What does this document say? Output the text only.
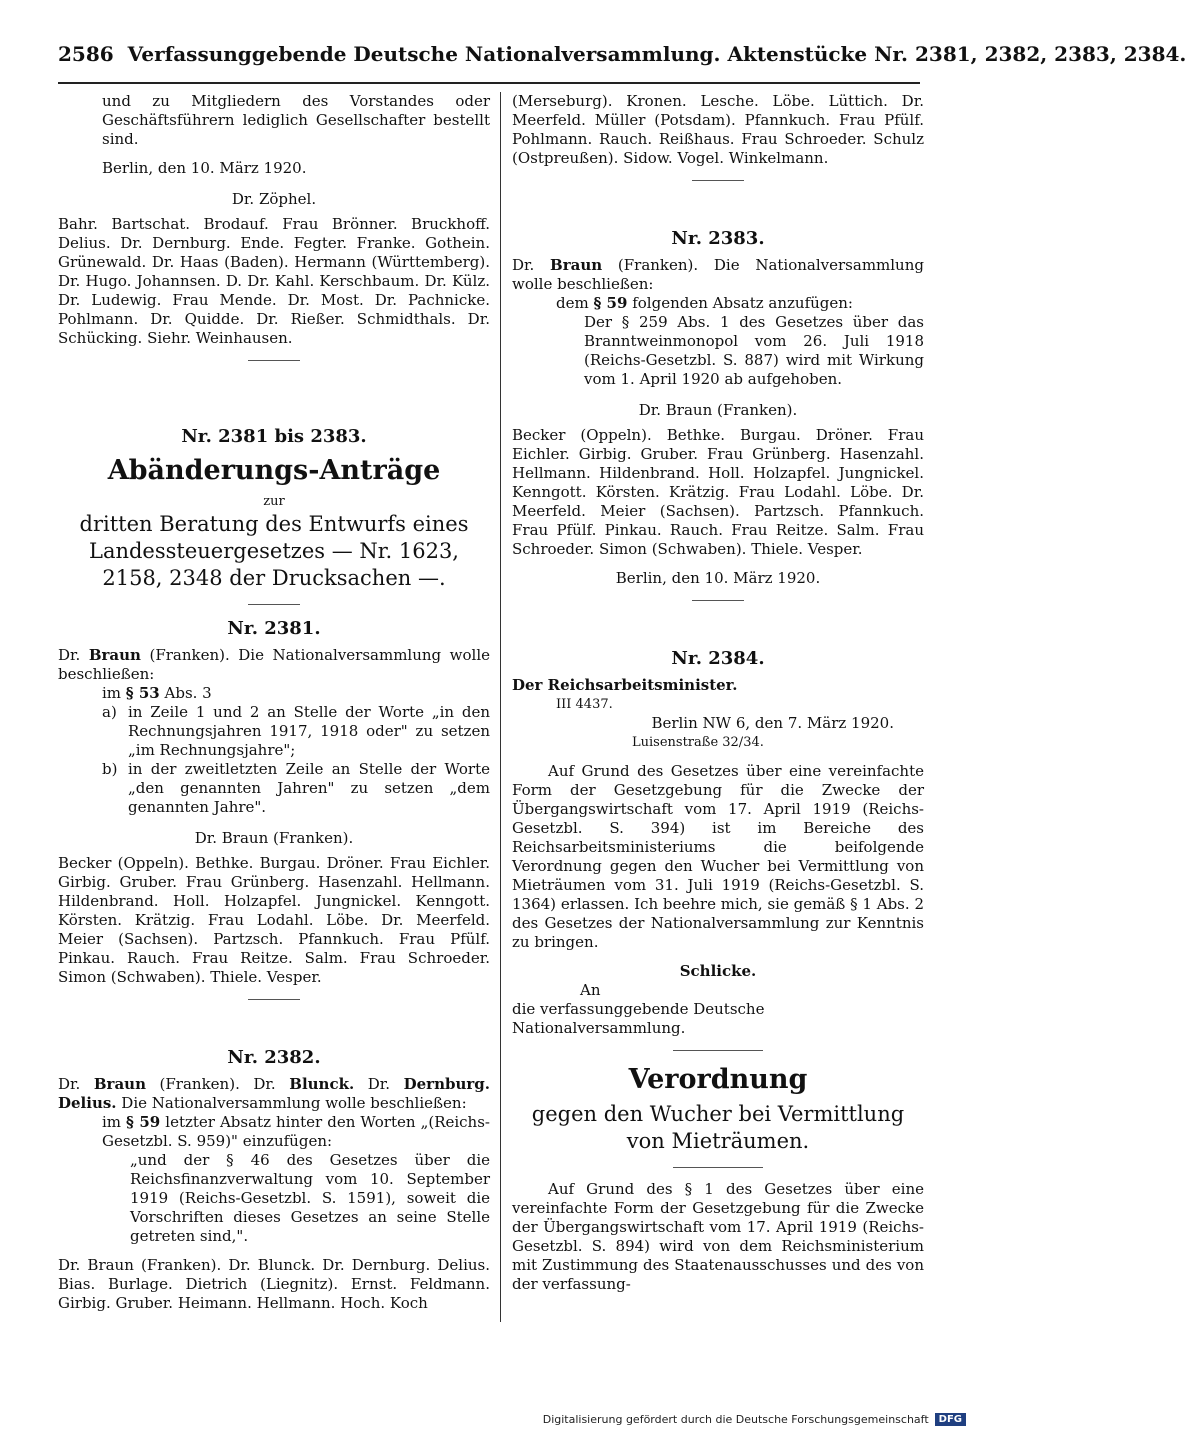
2586 Verfassunggebende Deutsche Nationalversammlung. Aktenstücke Nr. 2381, 2382, 2383, 2384.

und zu Mitgliedern des Vorstandes oder Geschäftsführern lediglich Gesellschafter bestellt sind.

Berlin, den 10. März 1920.

Dr. Zöphel.

Bahr. Bartschat. Brodauf. Frau Brönner. Bruckhoff. Delius. Dr. Dernburg. Ende. Fegter. Franke. Gothein. Grünewald. Dr. Haas (Baden). Hermann (Württemberg). Dr. Hugo. Johannsen. D. Dr. Kahl. Kerschbaum. Dr. Külz. Dr. Ludewig. Frau Mende. Dr. Most. Dr. Pachnicke. Pohlmann. Dr. Quidde. Dr. Rießer. Schmidthals. Dr. Schücking. Siehr. Weinhausen.

Nr. 2381 bis 2383.

Abänderungs-Anträge

zur

dritten Beratung des Entwurfs eines Landessteuergesetzes — Nr. 1623, 2158, 2348 der Drucksachen —.

Nr. 2381.

Dr. Braun (Franken). Die Nationalversammlung wolle beschließen:

im § 53 Abs. 3

a) in Zeile 1 und 2 an Stelle der Worte „in den Rechnungsjahren 1917, 1918 oder" zu setzen „im Rechnungsjahre";
b) in der zweitletzten Zeile an Stelle der Worte „den genannten Jahren" zu setzen „dem genannten Jahre".

Dr. Braun (Franken).

Becker (Oppeln). Bethke. Burgau. Dröner. Frau Eichler. Girbig. Gruber. Frau Grünberg. Hasenzahl. Hellmann. Hildenbrand. Holl. Holzapfel. Jungnickel. Kenngott. Körsten. Krätzig. Frau Lodahl. Löbe. Dr. Meerfeld. Meier (Sachsen). Partzsch. Pfannkuch. Frau Pfülf. Pinkau. Rauch. Frau Reitze. Salm. Frau Schroeder. Simon (Schwaben). Thiele. Vesper.

Nr. 2382.

Dr. Braun (Franken). Dr. Blunck. Dr. Dernburg. Delius. Die Nationalversammlung wolle beschließen:

im § 59 letzter Absatz hinter den Worten „(Reichs-Gesetzbl. S. 959)" einzufügen:

„und der § 46 des Gesetzes über die Reichsfinanzverwaltung vom 10. September 1919 (Reichs-Gesetzbl. S. 1591), soweit die Vorschriften dieses Gesetzes an seine Stelle getreten sind,".

Dr. Braun (Franken). Dr. Blunck. Dr. Dernburg. Delius. Bias. Burlage. Dietrich (Liegnitz). Ernst. Feldmann. Girbig. Gruber. Heimann. Hellmann. Hoch. Koch

(Merseburg). Kronen. Lesche. Löbe. Lüttich. Dr. Meerfeld. Müller (Potsdam). Pfannkuch. Frau Pfülf. Pohlmann. Rauch. Reißhaus. Frau Schroeder. Schulz (Ostpreußen). Sidow. Vogel. Winkelmann.

Nr. 2383.

Dr. Braun (Franken). Die Nationalversammlung wolle beschließen:

dem § 59 folgenden Absatz anzufügen:

Der § 259 Abs. 1 des Gesetzes über das Branntweinmonopol vom 26. Juli 1918 (Reichs-Gesetzbl. S. 887) wird mit Wirkung vom 1. April 1920 ab aufgehoben.

Dr. Braun (Franken).

Becker (Oppeln). Bethke. Burgau. Dröner. Frau Eichler. Girbig. Gruber. Frau Grünberg. Hasenzahl. Hellmann. Hildenbrand. Holl. Holzapfel. Jungnickel. Kenngott. Körsten. Krätzig. Frau Lodahl. Löbe. Dr. Meerfeld. Meier (Sachsen). Partzsch. Pfannkuch. Frau Pfülf. Pinkau. Rauch. Frau Reitze. Salm. Frau Schroeder. Simon (Schwaben). Thiele. Vesper.

Berlin, den 10. März 1920.

Nr. 2384.

Der Reichsarbeitsminister.

III 4437.

Berlin NW 6, den 7. März 1920.

Luisenstraße 32/34.

Auf Grund des Gesetzes über eine vereinfachte Form der Gesetzgebung für die Zwecke der Übergangswirtschaft vom 17. April 1919 (Reichs-Gesetzbl. S. 394) ist im Bereiche des Reichsarbeitsministeriums die beifolgende Verordnung gegen den Wucher bei Vermittlung von Mieträumen vom 31. Juli 1919 (Reichs-Gesetzbl. S. 1364) erlassen. Ich beehre mich, sie gemäß § 1 Abs. 2 des Gesetzes der Nationalversammlung zur Kenntnis zu bringen.

Schlicke.

An

die verfassunggebende Deutsche Nationalversammlung.

Verordnung

gegen den Wucher bei Vermittlung von Mieträumen.

Auf Grund des § 1 des Gesetzes über eine vereinfachte Form der Gesetzgebung für die Zwecke der Übergangswirtschaft vom 17. April 1919 (Reichs-Gesetzbl. S. 894) wird von dem Reichsministerium mit Zustimmung des Staatenausschusses und des von der verfassung-

Digitalisierung gefördert durch die Deutsche Forschungsgemeinschaft	DFG
